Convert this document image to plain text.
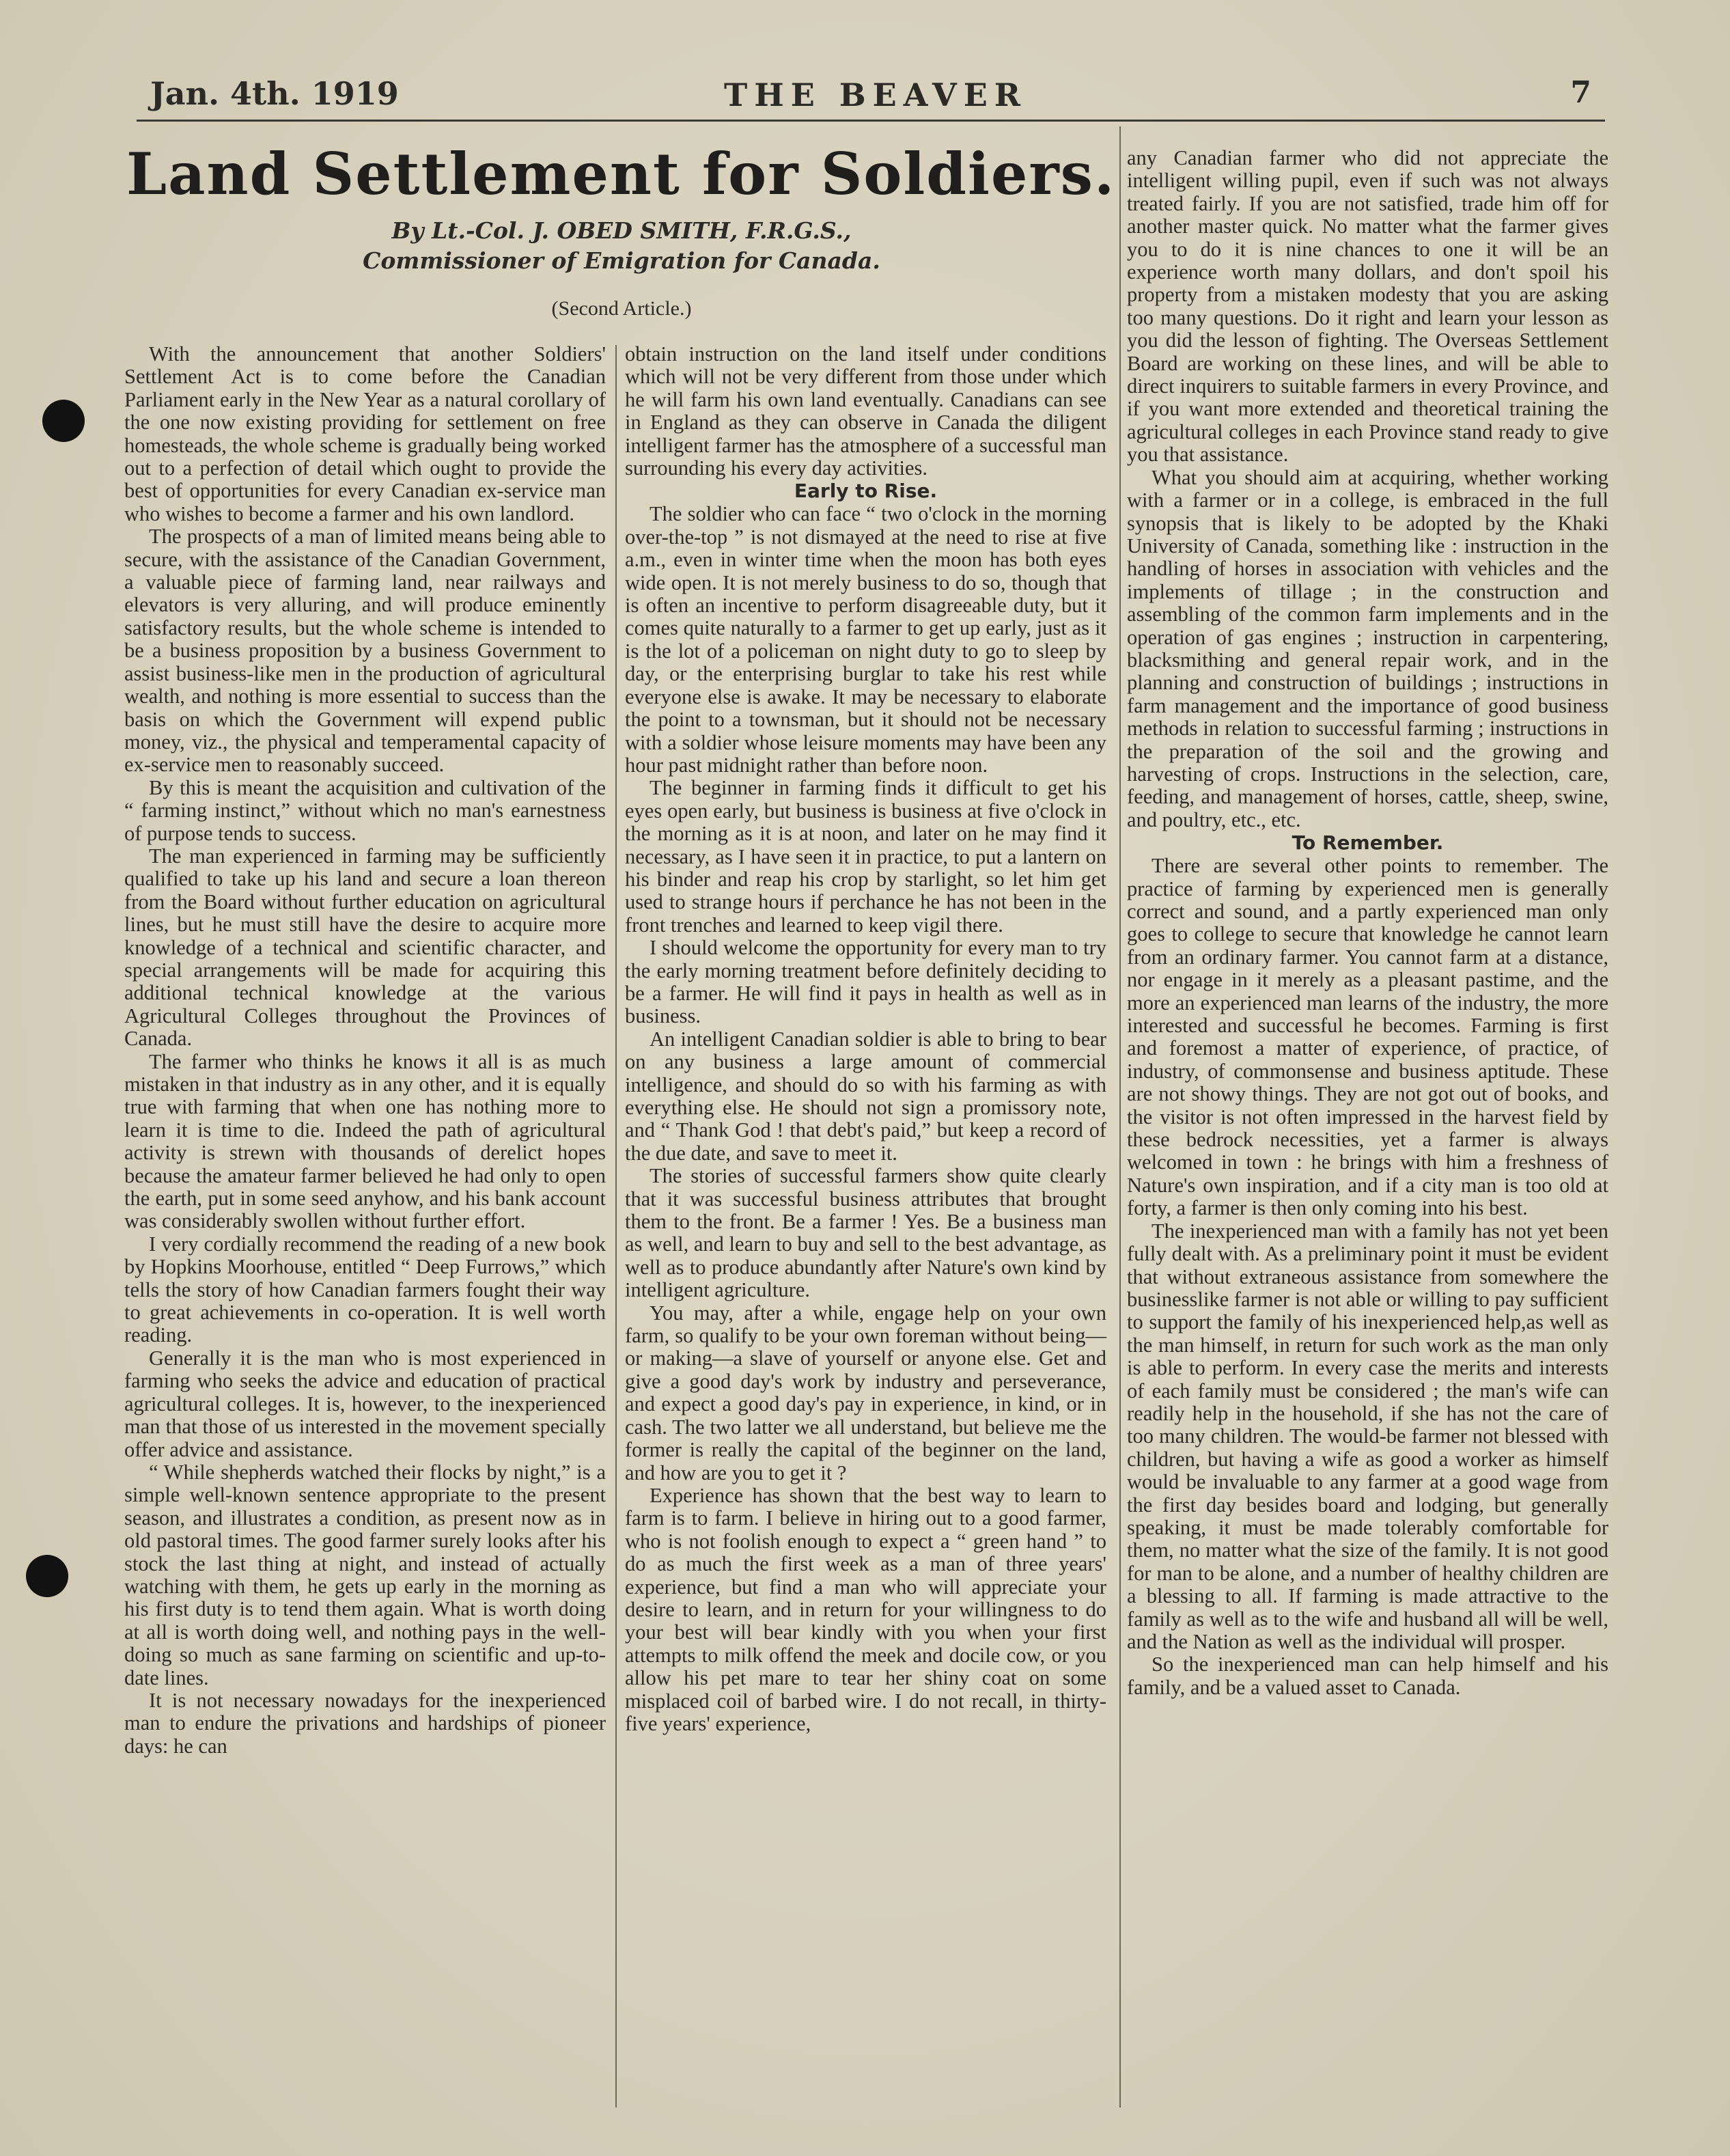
Jan. 4th. 1919	THE BEAVER	7
Land Settlement for Soldiers.
By Lt.-Col. J. OBED SMITH, F.R.G.S.,
Commissioner of Emigration for Canada.
(Second Article.)

With the announcement that another Soldiers' Settlement Act is to come before the Canadian Parliament early in the New Year as a natural corollary of the one now existing providing for settlement on free homesteads, the whole scheme is gradually being worked out to a perfection of detail which ought to provide the best of opportunities for every Canadian ex-service man who wishes to become a farmer and his own landlord.

The prospects of a man of limited means being able to secure, with the assistance of the Canadian Government, a valuable piece of farming land, near railways and elevators is very alluring, and will produce eminently satisfactory results, but the whole scheme is intended to be a business proposition by a business Government to assist business-like men in the production of agricultural wealth, and nothing is more essential to success than the basis on which the Government will expend public money, viz., the physical and temperamental capacity of ex-service men to reasonably succeed.

By this is meant the acquisition and cultivation of the “ farming instinct,” without which no man's earnestness of purpose tends to success.

The man experienced in farming may be sufficiently qualified to take up his land and secure a loan thereon from the Board without further education on agricultural lines, but he must still have the desire to acquire more knowledge of a technical and scientific character, and special arrangements will be made for acquiring this additional technical knowledge at the various Agricultural Colleges throughout the Provinces of Canada.

The farmer who thinks he knows it all is as much mistaken in that industry as in any other, and it is equally true with farming that when one has nothing more to learn it is time to die. Indeed the path of agricultural activity is strewn with thousands of derelict hopes because the amateur farmer believed he had only to open the earth, put in some seed anyhow, and his bank account was considerably swollen without further effort.

I very cordially recommend the reading of a new book by Hopkins Moorhouse, entitled “ Deep Furrows,” which tells the story of how Canadian farmers fought their way to great achievements in co-operation. It is well worth reading.

Generally it is the man who is most experienced in farming who seeks the advice and education of practical agricultural colleges. It is, however, to the inexperienced man that those of us interested in the movement specially offer advice and assistance.

“ While shepherds watched their flocks by night,” is a simple well-known sentence appropriate to the present season, and illustrates a condition, as present now as in old pastoral times. The good farmer surely looks after his stock the last thing at night, and instead of actually watching with them, he gets up early in the morning as his first duty is to tend them again. What is worth doing at all is worth doing well, and nothing pays in the well-doing so much as sane farming on scientific and up-to-date lines.

It is not necessary nowadays for the inexperienced man to endure the privations and hardships of pioneer days: he can

obtain instruction on the land itself under conditions which will not be very different from those under which he will farm his own land eventually. Canadians can see in England as they can observe in Canada the diligent intelligent farmer has the atmosphere of a successful man surrounding his every day activities.

Early to Rise.

The soldier who can face “ two o'clock in the morning over-the-top ” is not dismayed at the need to rise at five a.m., even in winter time when the moon has both eyes wide open. It is not merely business to do so, though that is often an incentive to perform disagreeable duty, but it comes quite naturally to a farmer to get up early, just as it is the lot of a policeman on night duty to go to sleep by day, or the enterprising burglar to take his rest while everyone else is awake. It may be necessary to elaborate the point to a townsman, but it should not be necessary with a soldier whose leisure moments may have been any hour past midnight rather than before noon.

The beginner in farming finds it difficult to get his eyes open early, but business is business at five o'clock in the morning as it is at noon, and later on he may find it necessary, as I have seen it in practice, to put a lantern on his binder and reap his crop by starlight, so let him get used to strange hours if perchance he has not been in the front trenches and learned to keep vigil there.

I should welcome the opportunity for every man to try the early morning treatment before definitely deciding to be a farmer. He will find it pays in health as well as in business.

An intelligent Canadian soldier is able to bring to bear on any business a large amount of commercial intelligence, and should do so with his farming as with everything else. He should not sign a promissory note, and “ Thank God ! that debt's paid,” but keep a record of the due date, and save to meet it.

The stories of successful farmers show quite clearly that it was successful business attributes that brought them to the front. Be a farmer ! Yes. Be a business man as well, and learn to buy and sell to the best advantage, as well as to produce abundantly after Nature's own kind by intelligent agriculture.

You may, after a while, engage help on your own farm, so qualify to be your own foreman without being—or making—a slave of yourself or anyone else. Get and give a good day's work by industry and perseverance, and expect a good day's pay in experience, in kind, or in cash. The two latter we all understand, but believe me the former is really the capital of the beginner on the land, and how are you to get it ?

Experience has shown that the best way to learn to farm is to farm. I believe in hiring out to a good farmer, who is not foolish enough to expect a “ green hand ” to do as much the first week as a man of three years' experience, but find a man who will appreciate your desire to learn, and in return for your willingness to do your best will bear kindly with you when your first attempts to milk offend the meek and docile cow, or you allow his pet mare to tear her shiny coat on some misplaced coil of barbed wire. I do not recall, in thirty-five years' experience,

any Canadian farmer who did not appreciate the intelligent willing pupil, even if such was not always treated fairly. If you are not satisfied, trade him off for another master quick. No matter what the farmer gives you to do it is nine chances to one it will be an experience worth many dollars, and don't spoil his property from a mistaken modesty that you are asking too many questions. Do it right and learn your lesson as you did the lesson of fighting. The Overseas Settlement Board are working on these lines, and will be able to direct inquirers to suitable farmers in every Province, and if you want more extended and theoretical training the agricultural colleges in each Province stand ready to give you that assistance.

What you should aim at acquiring, whether working with a farmer or in a college, is embraced in the full synopsis that is likely to be adopted by the Khaki University of Canada, something like : instruction in the handling of horses in association with vehicles and the implements of tillage ; in the construction and assembling of the common farm implements and in the operation of gas engines ; instruction in carpentering, blacksmithing and general repair work, and in the planning and construction of buildings ; instructions in farm management and the importance of good business methods in relation to successful farming ; instructions in the preparation of the soil and the growing and harvesting of crops. Instructions in the selection, care, feeding, and management of horses, cattle, sheep, swine, and poultry, etc., etc.

To Remember.

There are several other points to remember. The practice of farming by experienced men is generally correct and sound, and a partly experienced man only goes to college to secure that knowledge he cannot learn from an ordinary farmer. You cannot farm at a distance, nor engage in it merely as a pleasant pastime, and the more an experienced man learns of the industry, the more interested and successful he becomes. Farming is first and foremost a matter of experience, of practice, of industry, of commonsense and business aptitude. These are not showy things. They are not got out of books, and the visitor is not often impressed in the harvest field by these bedrock necessities, yet a farmer is always welcomed in town : he brings with him a freshness of Nature's own inspiration, and if a city man is too old at forty, a farmer is then only coming into his best.

The inexperienced man with a family has not yet been fully dealt with. As a preliminary point it must be evident that without extraneous assistance from somewhere the businesslike farmer is not able or willing to pay sufficient to support the family of his inexperienced help,as well as the man himself, in return for such work as the man only is able to perform. In every case the merits and interests of each family must be considered ; the man's wife can readily help in the household, if she has not the care of too many children. The would-be farmer not blessed with children, but having a wife as good a worker as himself would be invaluable to any farmer at a good wage from the first day besides board and lodging, but generally speaking, it must be made tolerably comfortable for them, no matter what the size of the family. It is not good for man to be alone, and a number of healthy children are a blessing to all. If farming is made attractive to the family as well as to the wife and husband all will be well, and the Nation as well as the individual will prosper.

So the inexperienced man can help himself and his family, and be a valued asset to Canada.
